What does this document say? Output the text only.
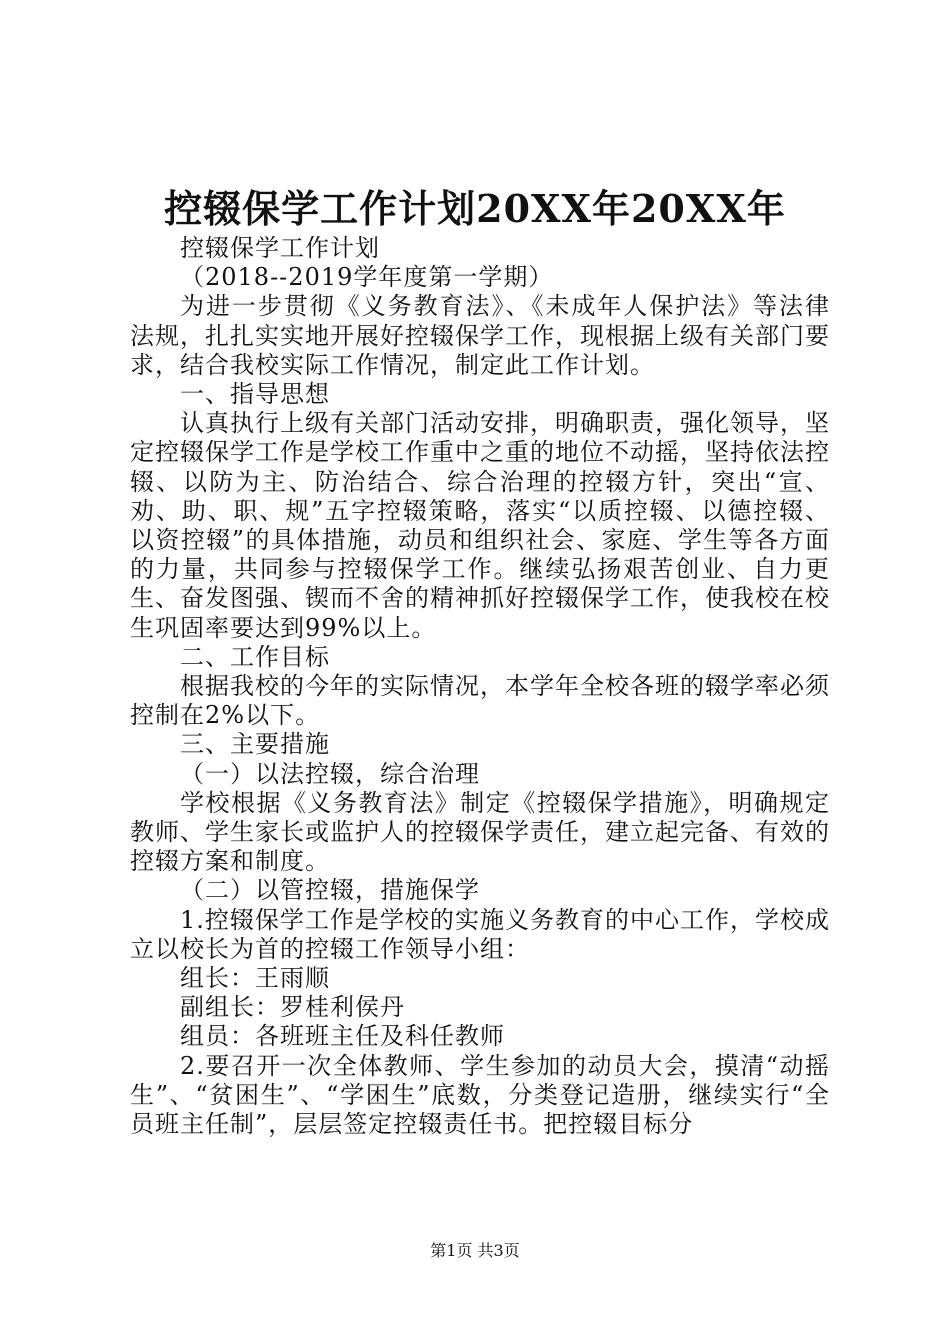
控辍保学工作计划20XX年20XX年

控辍保学工作计划

（2018--2019学年度第一学期）

为进一步贯彻《义务教育法》、《未成年人保护法》等法律法规，扎扎实实地开展好控辍保学工作，现根据上级有关部门要求，结合我校实际工作情况，制定此工作计划。

一、指导思想

认真执行上级有关部门活动安排，明确职责，强化领导，坚定控辍保学工作是学校工作重中之重的地位不动摇，坚持依法控辍、以防为主、防治结合、综合治理的控辍方针，突出“宣、劝、助、职、规”五字控辍策略，落实“以质控辍、以德控辍、以资控辍”的具体措施，动员和组织社会、家庭、学生等各方面的力量，共同参与控辍保学工作。继续弘扬艰苦创业、自力更生、奋发图强、锲而不舍的精神抓好控辍保学工作，使我校在校生巩固率要达到99%以上。

二、工作目标

根据我校的今年的实际情况，本学年全校各班的辍学率必须控制在2%以下。

三、主要措施

（一）以法控辍，综合治理

学校根据《义务教育法》制定《控辍保学措施》，明确规定教师、学生家长或监护人的控辍保学责任，建立起完备、有效的控辍方案和制度。

（二）以管控辍，措施保学

1.控辍保学工作是学校的实施义务教育的中心工作，学校成立以校长为首的控辍工作领导小组：

组长：王雨顺

副组长：罗桂利侯丹

组员：各班班主任及科任教师

2.要召开一次全体教师、学生参加的动员大会，摸清“动摇生”、“贫困生”、“学困生”底数，分类登记造册，继续实行“全员班主任制”，层层签定控辍责任书。把控辍目标分

第1页 共3页
